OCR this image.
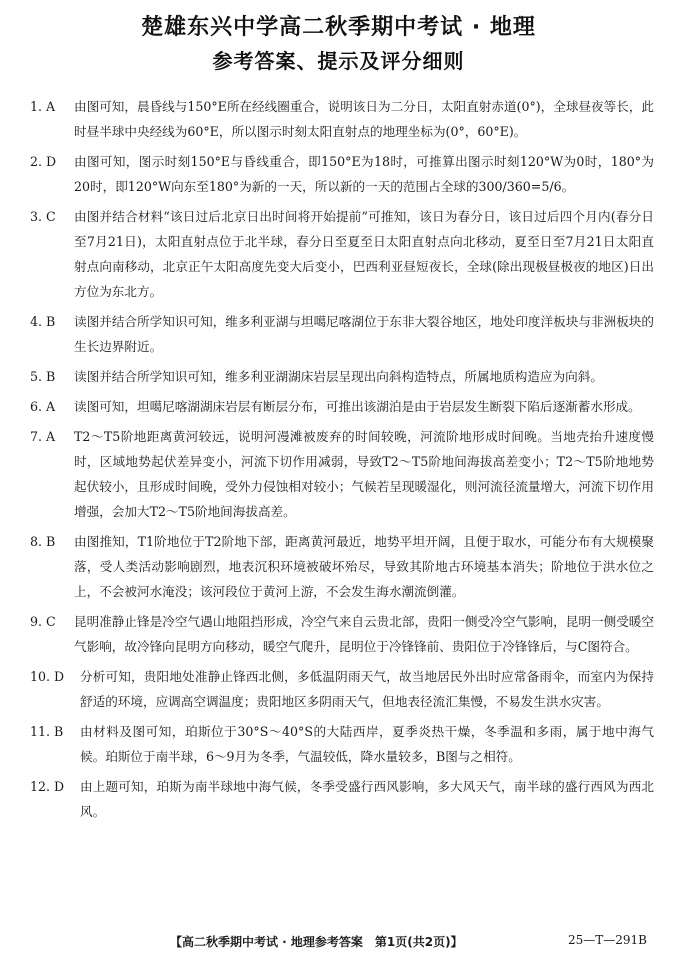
楚雄东兴中学高二秋季期中考试 · 地理
参考答案、提示及评分细则
1. A	由图可知，晨昏线与150°E所在经线圈重合，说明该日为二分日，太阳直射赤道(0°)，全球昼夜等长，此时昼半球中央经线为60°E，所以图示时刻太阳直射点的地理坐标为(0°，60°E)。
2. D	由图可知，图示时刻150°E与昏线重合，即150°E为18时，可推算出图示时刻120°W为0时，180°为20时，即120°W向东至180°为新的一天，所以新的一天的范围占全球的300/360=5/6。
3. C	由图并结合材料“该日过后北京日出时间将开始提前”可推知，该日为春分日，该日过后四个月内(春分日至7月21日)，太阳直射点位于北半球，春分日至夏至日太阳直射点向北移动，夏至日至7月21日太阳直射点向南移动，北京正午太阳高度先变大后变小，巴西利亚昼短夜长，全球(除出现极昼极夜的地区)日出方位为东北方。
4. B	读图并结合所学知识可知，维多利亚湖与坦噶尼喀湖位于东非大裂谷地区，地处印度洋板块与非洲板块的生长边界附近。
5. B	读图并结合所学知识可知，维多利亚湖湖床岩层呈现出向斜构造特点，所属地质构造应为向斜。
6. A	读图可知，坦噶尼喀湖湖床岩层有断层分布，可推出该湖泊是由于岩层发生断裂下陷后逐渐蓄水形成。
7. A	T2～T5阶地距离黄河较远，说明河漫滩被废弃的时间较晚，河流阶地形成时间晚。当地壳抬升速度慢时，区域地势起伏差异变小，河流下切作用减弱，导致T2～T5阶地间海拔高差变小；T2～T5阶地地势起伏较小，且形成时间晚，受外力侵蚀相对较小；气候若呈现暖湿化，则河流径流量增大，河流下切作用增强，会加大T2～T5阶地间海拔高差。
8. B	由图推知，T1阶地位于T2阶地下部，距离黄河最近，地势平坦开阔，且便于取水，可能分布有大规模聚落，受人类活动影响剧烈，地表沉积环境被破坏殆尽，导致其阶地古环境基本消失；阶地位于洪水位之上，不会被河水淹没；该河段位于黄河上游，不会发生海水潮流倒灌。
9. C	昆明准静止锋是冷空气遇山地阻挡形成，冷空气来自云贵北部，贵阳一侧受冷空气影响，昆明一侧受暖空气影响，故冷锋向昆明方向移动，暖空气爬升，昆明位于冷锋锋前、贵阳位于冷锋锋后，与C图符合。
10. D	分析可知，贵阳地处准静止锋西北侧，多低温阴雨天气，故当地居民外出时应常备雨伞，而室内为保持舒适的环境，应调高空调温度；贵阳地区多阴雨天气，但地表径流汇集慢，不易发生洪水灾害。
11. B	由材料及图可知，珀斯位于30°S～40°S的大陆西岸，夏季炎热干燥，冬季温和多雨，属于地中海气候。珀斯位于南半球，6～9月为冬季，气温较低，降水量较多，B图与之相符。
12. D	由上题可知，珀斯为南半球地中海气候，冬季受盛行西风影响，多大风天气，南半球的盛行西风为西北风。
【高二秋季期中考试 · 地理参考答案　第1页(共2页)】	25—T—291B
